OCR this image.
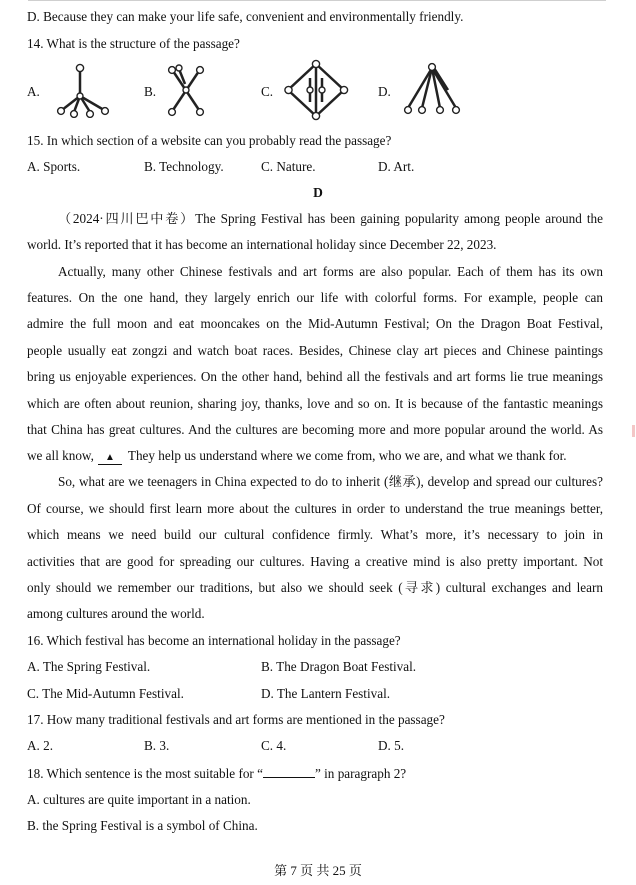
D. Because they can make your life safe, convenient and environmentally friendly.
14. What is the structure of the passage?
A.	B.	C.	D.
15. In which section of a website can you probably read the passage?
A. Sports.	B. Technology.	C. Nature.	D. Art.
D
（2024·四川巴中卷）The Spring Festival has been gaining popularity among people around the
world. It’s reported that it has become an international holiday since December 22, 2023.
Actually, many other Chinese festivals and art forms are also popular. Each of them has its own
features. On the one hand, they largely enrich our life with colorful forms. For example, people can
admire the full moon and eat mooncakes on the Mid-Autumn Festival; On the Dragon Boat Festival,
people usually eat zongzi and watch boat races. Besides, Chinese clay art pieces and Chinese paintings
bring us enjoyable experiences. On the other hand, behind all the festivals and art forms lie true meanings
which are often about reunion, sharing joy, thanks, love and so on. It is because of the fantastic meanings
that China has great cultures. And the cultures are becoming more and more popular around the world. As
we all know, ▲ They help us understand where we come from, who we are, and what we thank for.
So, what are we teenagers in China expected to do to inherit (继承), develop and spread our cultures?
Of course, we should first learn more about the cultures in order to understand the true meanings better,
which means we need build our cultural confidence firmly. What’s more, it’s necessary to join in
activities that are good for spreading our cultures. Having a creative mind is also pretty important. Not
only should we remember our traditions, but also we should seek (寻求) cultural exchanges and learn
among cultures around the world.
16. Which festival has become an international holiday in the passage?
A. The Spring Festival.	B. The Dragon Boat Festival.
C. The Mid-Autumn Festival.	D. The Lantern Festival.
17. How many traditional festivals and art forms are mentioned in the passage?
A. 2.	B. 3.	C. 4.	D. 5.
18. Which sentence is the most suitable for “	” in paragraph 2?
A. cultures are quite important in a nation.
B. the Spring Festival is a symbol of China.
第 7 页 共 25 页
